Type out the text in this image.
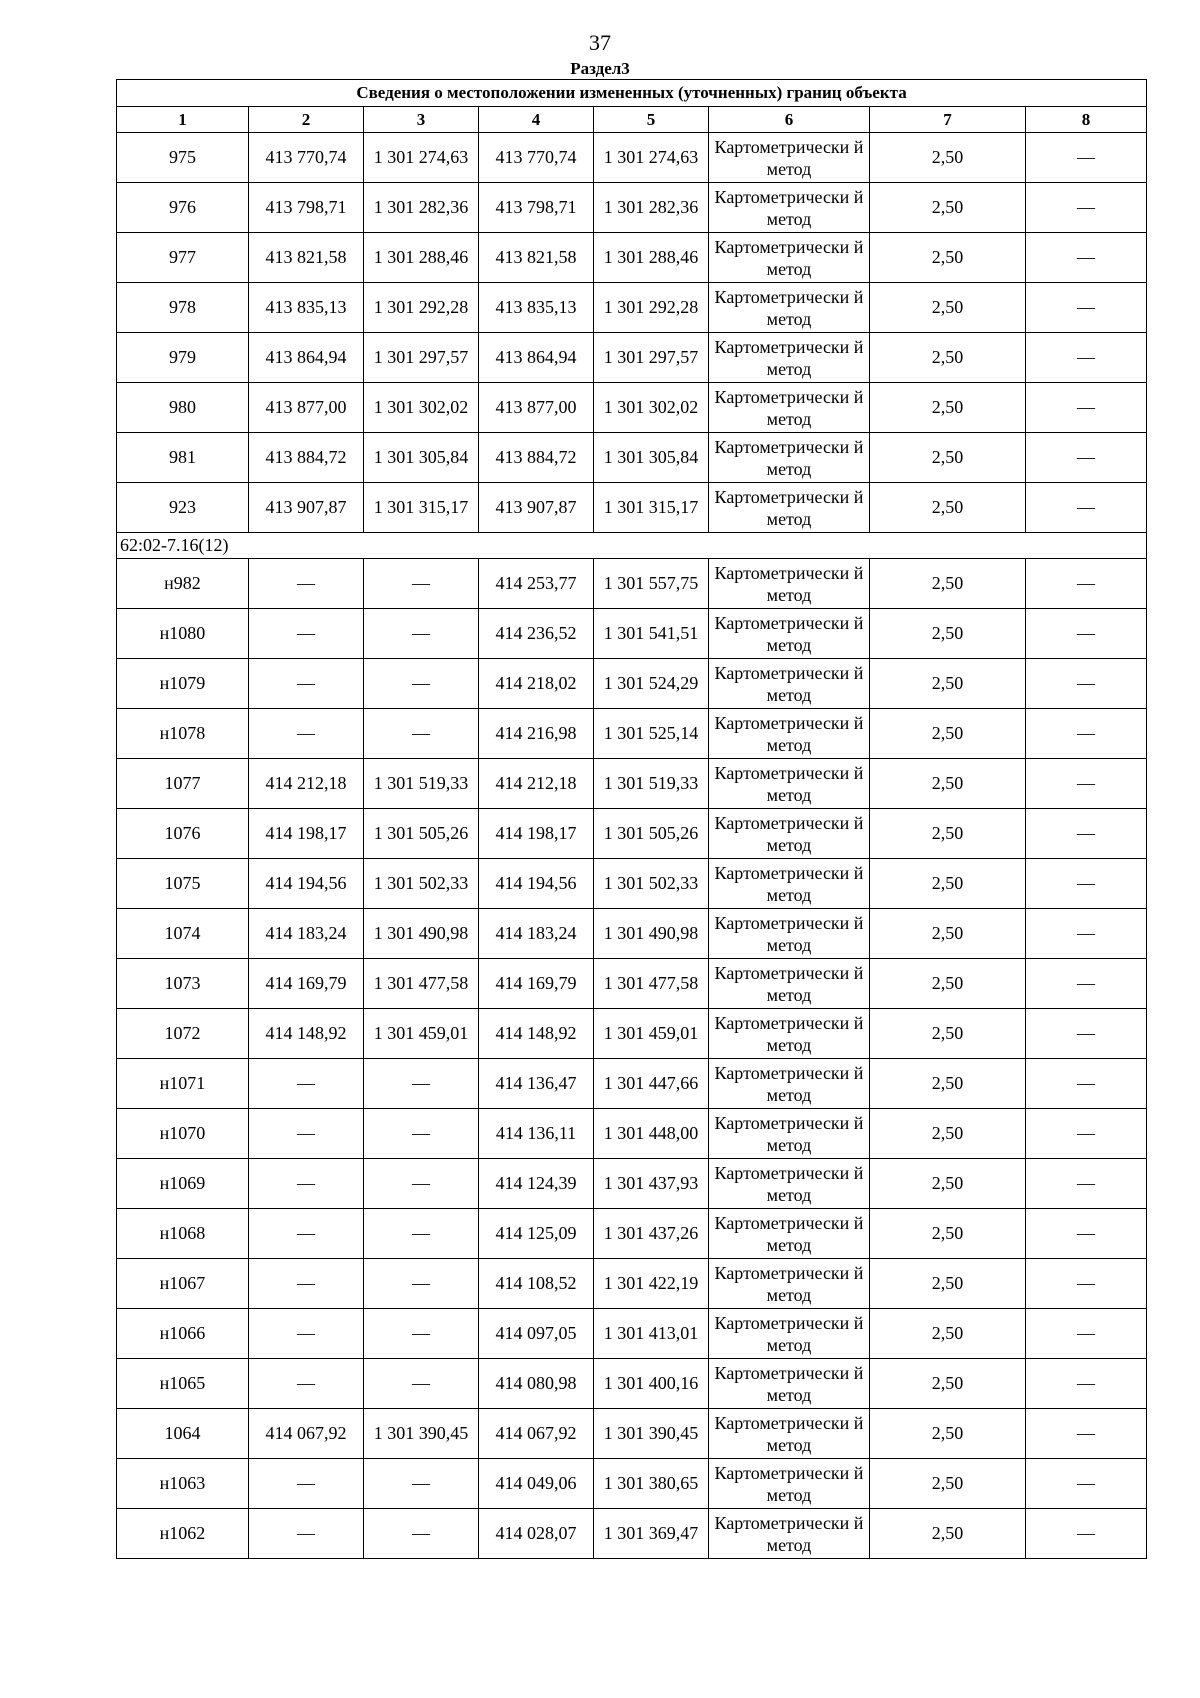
37
Раздел3
Сведения о местоположении измененных (уточненных) границ объекта							
1	2	3	4	5	6	7	8
975	413 770,74	1 301 274,63	413 770,74	1 301 274,63	Картометрически й метод	2,50	—
976	413 798,71	1 301 282,36	413 798,71	1 301 282,36	Картометрически й метод	2,50	—
977	413 821,58	1 301 288,46	413 821,58	1 301 288,46	Картометрически й метод	2,50	—
978	413 835,13	1 301 292,28	413 835,13	1 301 292,28	Картометрически й метод	2,50	—
979	413 864,94	1 301 297,57	413 864,94	1 301 297,57	Картометрически й метод	2,50	—
980	413 877,00	1 301 302,02	413 877,00	1 301 302,02	Картометрически й метод	2,50	—
981	413 884,72	1 301 305,84	413 884,72	1 301 305,84	Картометрически й метод	2,50	—
923	413 907,87	1 301 315,17	413 907,87	1 301 315,17	Картометрически й метод	2,50	—
62:02-7.16(12)							
н982	—	—	414 253,77	1 301 557,75	Картометрически й метод	2,50	—
н1080	—	—	414 236,52	1 301 541,51	Картометрически й метод	2,50	—
н1079	—	—	414 218,02	1 301 524,29	Картометрически й метод	2,50	—
н1078	—	—	414 216,98	1 301 525,14	Картометрически й метод	2,50	—
1077	414 212,18	1 301 519,33	414 212,18	1 301 519,33	Картометрически й метод	2,50	—
1076	414 198,17	1 301 505,26	414 198,17	1 301 505,26	Картометрически й метод	2,50	—
1075	414 194,56	1 301 502,33	414 194,56	1 301 502,33	Картометрически й метод	2,50	—
1074	414 183,24	1 301 490,98	414 183,24	1 301 490,98	Картометрически й метод	2,50	—
1073	414 169,79	1 301 477,58	414 169,79	1 301 477,58	Картометрически й метод	2,50	—
1072	414 148,92	1 301 459,01	414 148,92	1 301 459,01	Картометрически й метод	2,50	—
н1071	—	—	414 136,47	1 301 447,66	Картометрически й метод	2,50	—
н1070	—	—	414 136,11	1 301 448,00	Картометрически й метод	2,50	—
н1069	—	—	414 124,39	1 301 437,93	Картометрически й метод	2,50	—
н1068	—	—	414 125,09	1 301 437,26	Картометрически й метод	2,50	—
н1067	—	—	414 108,52	1 301 422,19	Картометрически й метод	2,50	—
н1066	—	—	414 097,05	1 301 413,01	Картометрически й метод	2,50	—
н1065	—	—	414 080,98	1 301 400,16	Картометрически й метод	2,50	—
1064	414 067,92	1 301 390,45	414 067,92	1 301 390,45	Картометрически й метод	2,50	—
н1063	—	—	414 049,06	1 301 380,65	Картометрически й метод	2,50	—
н1062	—	—	414 028,07	1 301 369,47	Картометрически й метод	2,50	—
